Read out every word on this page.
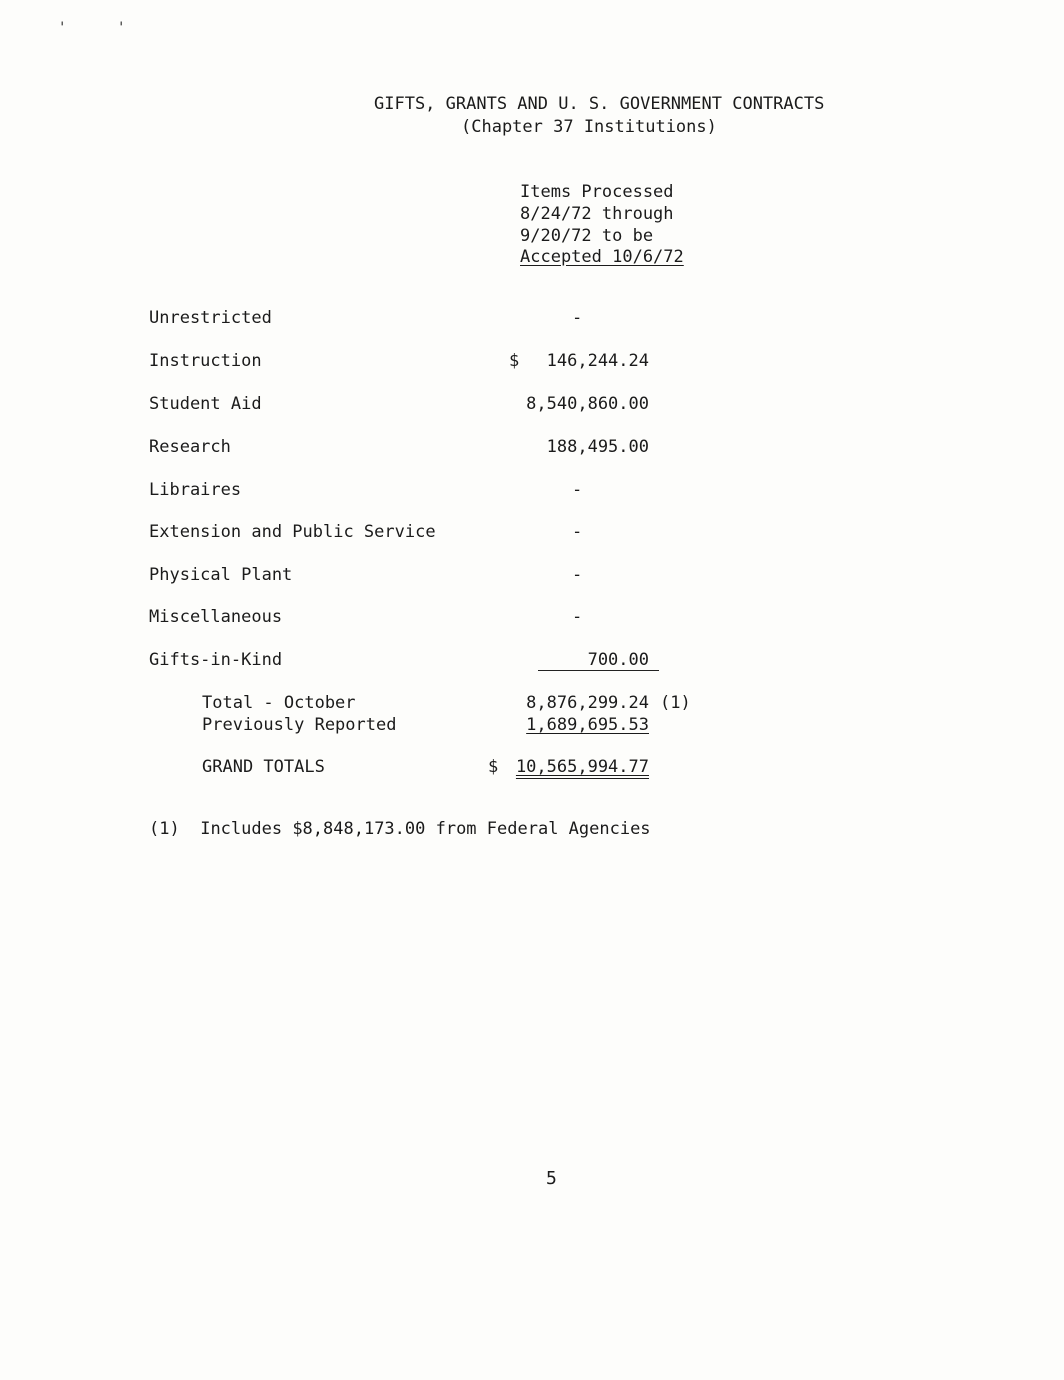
'	'
GIFTS, GRANTS AND U. S. GOVERNMENT CONTRACTS
(Chapter 37 Institutions)
Items Processed
8/24/72 through
9/20/72 to be
Accepted 10/6/72
Unrestricted	-
Instruction	$	146,244.24
Student Aid	8,540,860.00
Research	188,495.00
Libraires	-
Extension and Public Service	-
Physical Plant	-
Miscellaneous	-
Gifts-in-Kind	700.00
Total - October	8,876,299.24 (1)
Previously Reported	1,689,695.53
GRAND TOTALS	$	10,565,994.77
(1) Includes $8,848,173.00 from Federal Agencies
5
